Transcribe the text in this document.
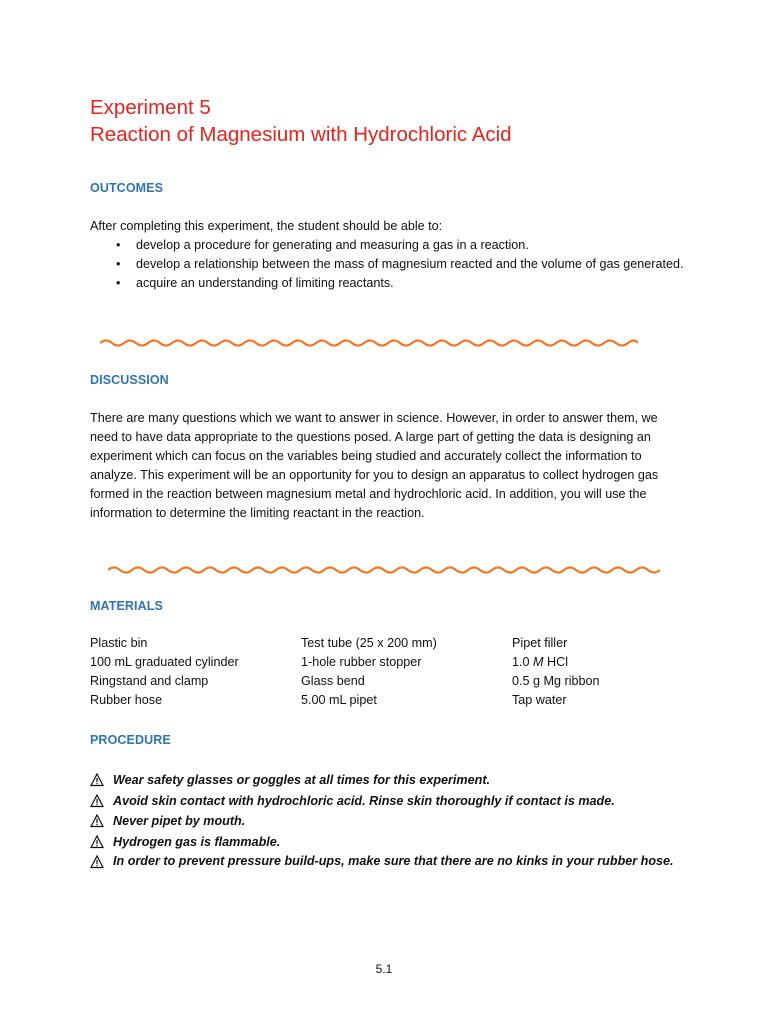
Experiment 5
Reaction of Magnesium with Hydrochloric Acid
OUTCOMES
After completing this experiment, the student should be able to:
• develop a procedure for generating and measuring a gas in a reaction.
• develop a relationship between the mass of magnesium reacted and the volume of gas generated.
• acquire an understanding of limiting reactants.
DISCUSSION
There are many questions which we want to answer in science. However, in order to answer them, we need to have data appropriate to the questions posed. A large part of getting the data is designing an experiment which can focus on the variables being studied and accurately collect the information to analyze. This experiment will be an opportunity for you to design an apparatus to collect hydrogen gas formed in the reaction between magnesium metal and hydrochloric acid. In addition, you will use the information to determine the limiting reactant in the reaction.
MATERIALS
Plastic bin
100 mL graduated cylinder
Ringstand and clamp
Rubber hose
Test tube (25 x 200 mm)
1-hole rubber stopper
Glass bend
5.00 mL pipet
Pipet filler
1.0 M HCl
0.5 g Mg ribbon
Tap water
PROCEDURE
Wear safety glasses or goggles at all times for this experiment.
Avoid skin contact with hydrochloric acid. Rinse skin thoroughly if contact is made.
Never pipet by mouth.
Hydrogen gas is flammable.
In order to prevent pressure build-ups, make sure that there are no kinks in your rubber hose.
5.1
